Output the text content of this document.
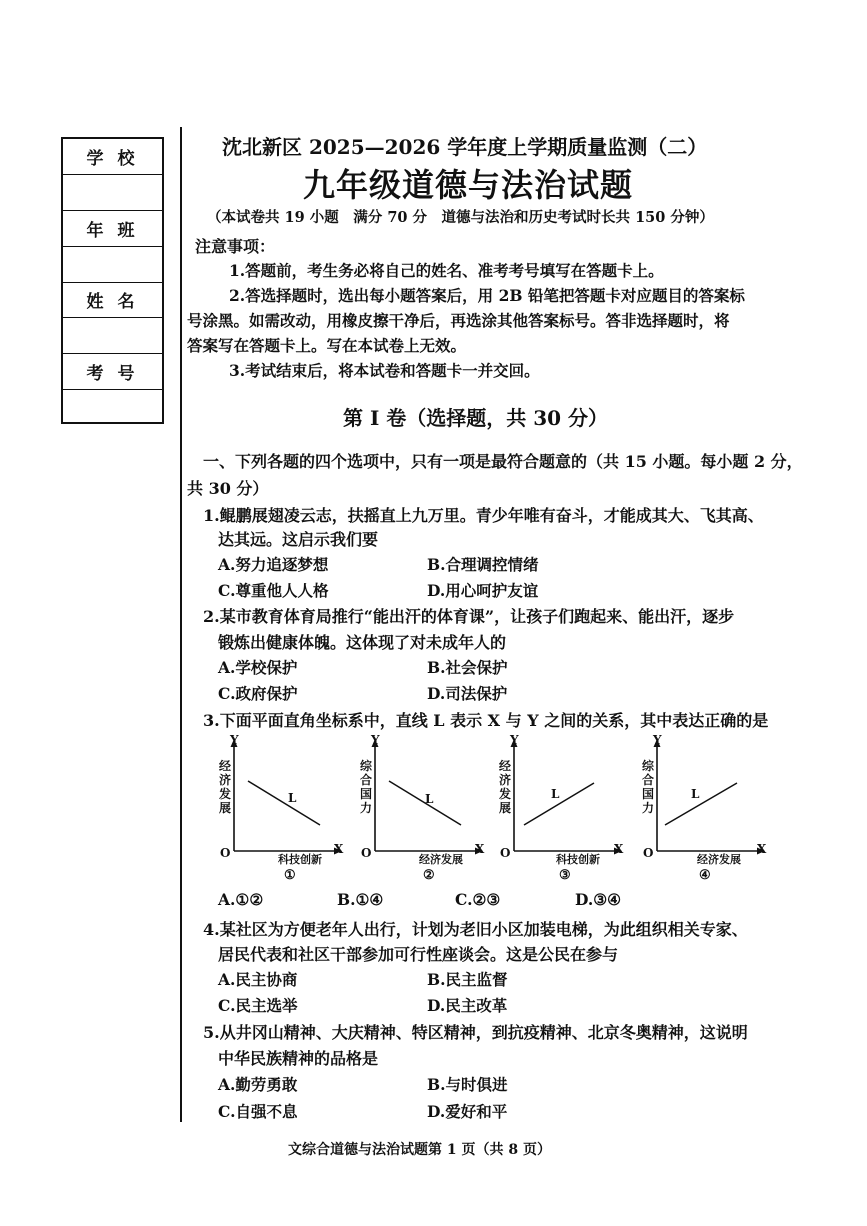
学校
年班
姓名
考号
沈北新区 2025—2026 学年度上学期质量监测（二）
九年级道德与法治试题
（本试卷共 19 小题　满分 70 分　道德与法治和历史考试时长共 150 分钟）
注意事项：
1.答题前，考生务必将自己的姓名、准考考号填写在答题卡上。
2.答选择题时，选出每小题答案后，用 2B 铅笔把答题卡对应题目的答案标
号涂黑。如需改动，用橡皮擦干净后，再选涂其他答案标号。答非选择题时，将
答案写在答题卡上。写在本试卷上无效。
3.考试结束后，将本试卷和答题卡一并交回。
第 Ⅰ 卷（选择题，共 30 分）
一、下列各题的四个选项中，只有一项是最符合题意的（共 15 小题。每小题 2 分，
共 30 分）
1.鲲鹏展翅凌云志，扶摇直上九万里。青少年唯有奋斗，才能成其大、飞其高、
达其远。这启示我们要
A.努力追逐梦想	B.合理调控情绪
C.尊重他人人格	D.用心呵护友谊
2.某市教育体育局推行“能出汗的体育课”，让孩子们跑起来、能出汗，逐步
锻炼出健康体魄。这体现了对未成年人的
A.学校保护	B.社会保护
C.政府保护	D.司法保护
3.下面平面直角坐标系中，直线 L 表示 X 与 Y 之间的关系，其中表达正确的是
Y
经济发展
O	X
科技创新
①
L
Y
综合国力
O	X
经济发展
②
L
Y
经济发展
O	X
科技创新
③
L
Y
综合国力
O	X
经济发展
④
L
A.①②	B.①④	C.②③	D.③④
4.某社区为方便老年人出行，计划为老旧小区加装电梯，为此组织相关专家、
居民代表和社区干部参加可行性座谈会。这是公民在参与
A.民主协商	B.民主监督
C.民主选举	D.民主改革
5.从井冈山精神、大庆精神、特区精神，到抗疫精神、北京冬奥精神，这说明
中华民族精神的品格是
A.勤劳勇敢	B.与时俱进
C.自强不息	D.爱好和平
文综合道德与法治试题第 1 页（共 8 页）
